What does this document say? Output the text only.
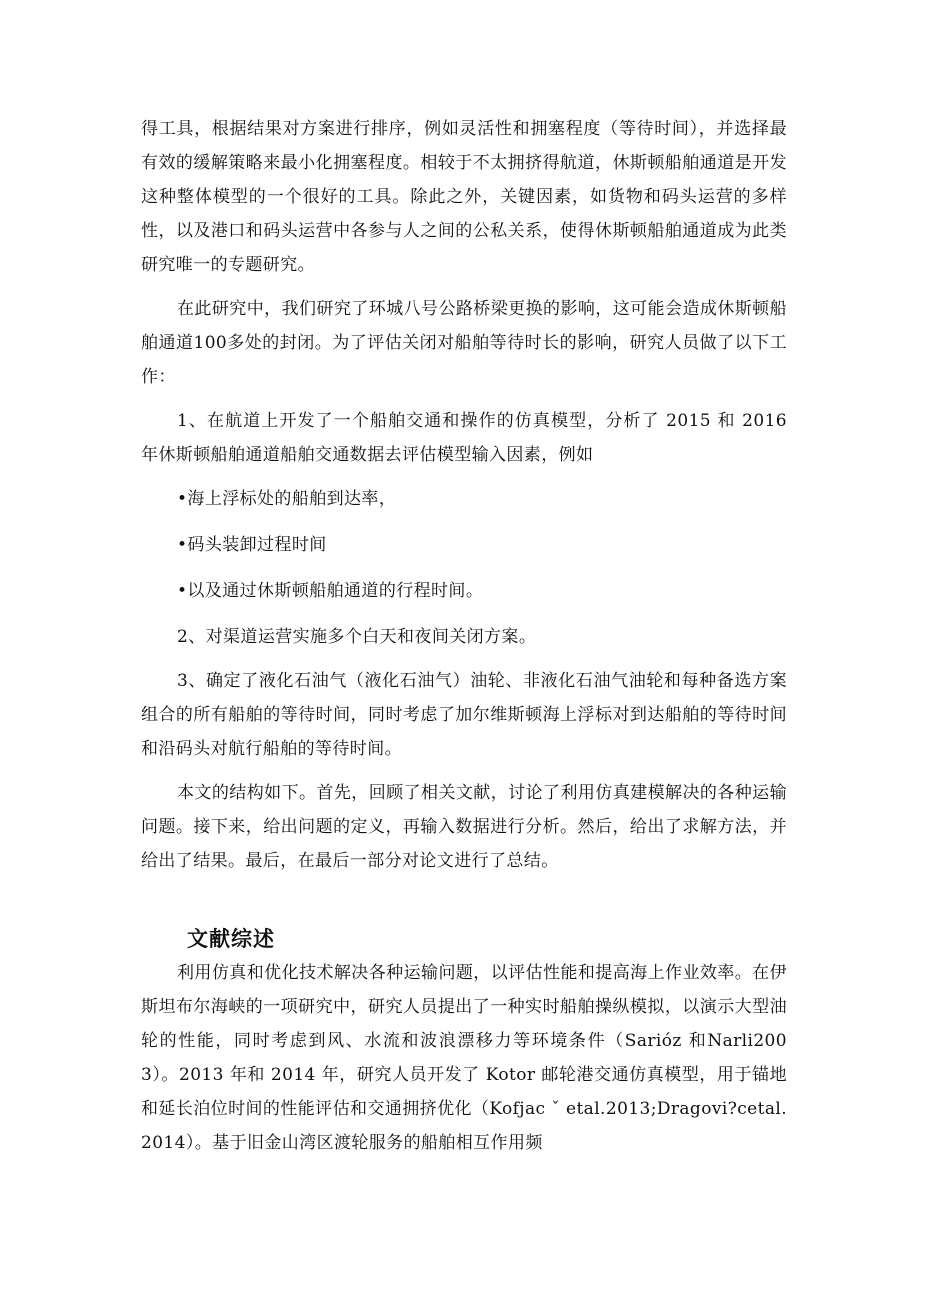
得工具，根据结果对方案进行排序，例如灵活性和拥塞程度（等待时间），并选择最有效的缓解策略来最小化拥塞程度。相较于不太拥挤得航道，休斯顿船舶通道是开发这种整体模型的一个很好的工具。除此之外，关键因素，如货物和码头运营的多样性，以及港口和码头运营中各参与人之间的公私关系，使得休斯顿船舶通道成为此类研究唯一的专题研究。

在此研究中，我们研究了环城八号公路桥梁更换的影响，这可能会造成休斯顿船舶通道100多处的封闭。为了评估关闭对船舶等待时长的影响，研究人员做了以下工作：

1、在航道上开发了一个船舶交通和操作的仿真模型，分析了 2015 和 2016 年休斯顿船舶通道船舶交通数据去评估模型输入因素，例如

•海上浮标处的船舶到达率，

•码头装卸过程时间

•以及通过休斯顿船舶通道的行程时间。

2、对渠道运营实施多个白天和夜间关闭方案。

3、确定了液化石油气（液化石油气）油轮、非液化石油气油轮和每种备选方案组合的所有船舶的等待时间，同时考虑了加尔维斯顿海上浮标对到达船舶的等待时间和沿码头对航行船舶的等待时间。

本文的结构如下。首先，回顾了相关文献，讨论了利用仿真建模解决的各种运输问题。接下来，给出问题的定义，再输入数据进行分析。然后，给出了求解方法，并给出了结果。最后，在最后一部分对论文进行了总结。

文献综述

利用仿真和优化技术解决各种运输问题，以评估性能和提高海上作业效率。在伊斯坦布尔海峡的一项研究中，研究人员提出了一种实时船舶操纵模拟，以演示大型油轮的性能，同时考虑到风、水流和波浪漂移力等环境条件（Sarióz 和Narli2003）。2013 年和 2014 年，研究人员开发了 Kotor 邮轮港交通仿真模型，用于锚地和延长泊位时间的性能评估和交通拥挤优化（Kofjac ˇ etal.2013;Dragovi?cetal.2014）。基于旧金山湾区渡轮服务的船舶相互作用频
